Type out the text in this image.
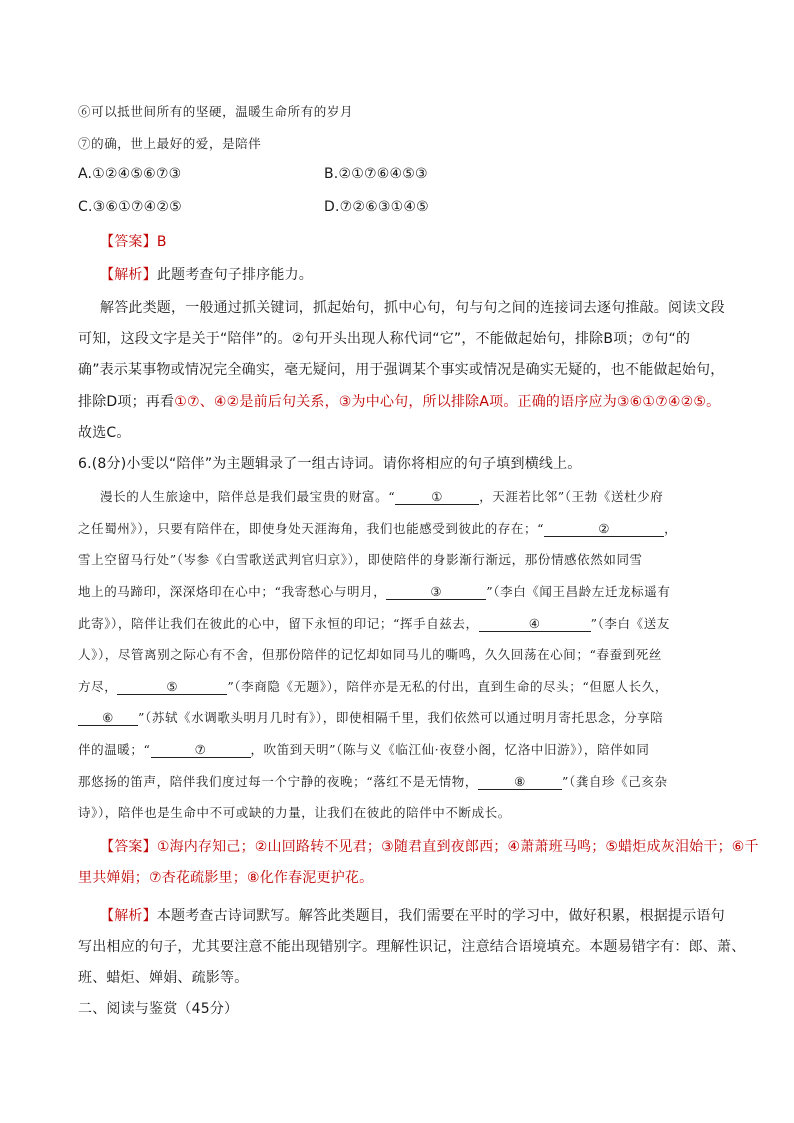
⑥可以抵世间所有的坚硬，温暖生命所有的岁月
⑦的确，世上最好的爱，是陪伴
A.①②④⑤⑥⑦③	B.②①⑦⑥④⑤③
C.③⑥①⑦④②⑤	D.⑦②⑥③①④⑤
【答案】B
【解析】此题考查句子排序能力。
解答此类题，一般通过抓关键词，抓起始句，抓中心句，句与句之间的连接词去逐句推敲。阅读文段
可知，这段文字是关于“陪伴”的。②句开头出现人称代词“它”，不能做起始句，排除B项；⑦句“的
确”表示某事物或情况完全确实，毫无疑问，用于强调某个事实或情况是确实无疑的，也不能做起始句，
排除D项；再看①⑦、④②是前后句关系，③为中心句，所以排除A项。正确的语序应为③⑥①⑦④②⑤。
故选C。
6.(8分)小雯以“陪伴”为主题辑录了一组古诗词。请你将相应的句子填到横线上。
漫长的人生旅途中，陪伴总是我们最宝贵的财富。“	①	，天涯若比邻”（王勃《送杜少府
之任蜀州》），只要有陪伴在，即使身处天涯海角，我们也能感受到彼此的存在；“	②	，
雪上空留马行处”（岑参《白雪歌送武判官归京》），即使陪伴的身影渐行渐远，那份情感依然如同雪
地上的马蹄印，深深烙印在心中；“我寄愁心与明月，	③	”（李白《闻王昌龄左迁龙标遥有
此寄》），陪伴让我们在彼此的心中，留下永恒的印记；“挥手自兹去，	④	”（李白《送友
人》），尽管离别之际心有不舍，但那份陪伴的记忆却如同马儿的嘶鸣，久久回荡在心间；“春蚕到死丝
方尽，	⑤	”（李商隐《无题》），陪伴亦是无私的付出，直到生命的尽头；“但愿人长久，
⑥ ”（苏轼《水调歌头明月几时有》），即使相隔千里，我们依然可以通过明月寄托思念，分享陪
伴的温暖；“	⑦	，吹笛到天明”（陈与义《临江仙·夜登小阁，忆洛中旧游》），陪伴如同
那悠扬的笛声，陪伴我们度过每一个宁静的夜晚；“落红不是无情物，	⑧	”（龚自珍《己亥杂
诗》），陪伴也是生命中不可或缺的力量，让我们在彼此的陪伴中不断成长。
【答案】①海内存知己；②山回路转不见君；③随君直到夜郎西；④萧萧班马鸣；⑤蜡炬成灰泪始干；⑥千
里共婵娟；⑦杏花疏影里；⑧化作春泥更护花。
【解析】本题考查古诗词默写。解答此类题目，我们需要在平时的学习中，做好积累，根据提示语句
写出相应的句子，尤其要注意不能出现错别字。理解性识记，注意结合语境填充。本题易错字有：郎、萧、
班、蜡炬、婵娟、疏影等。
二、阅读与鉴赏（45分）
